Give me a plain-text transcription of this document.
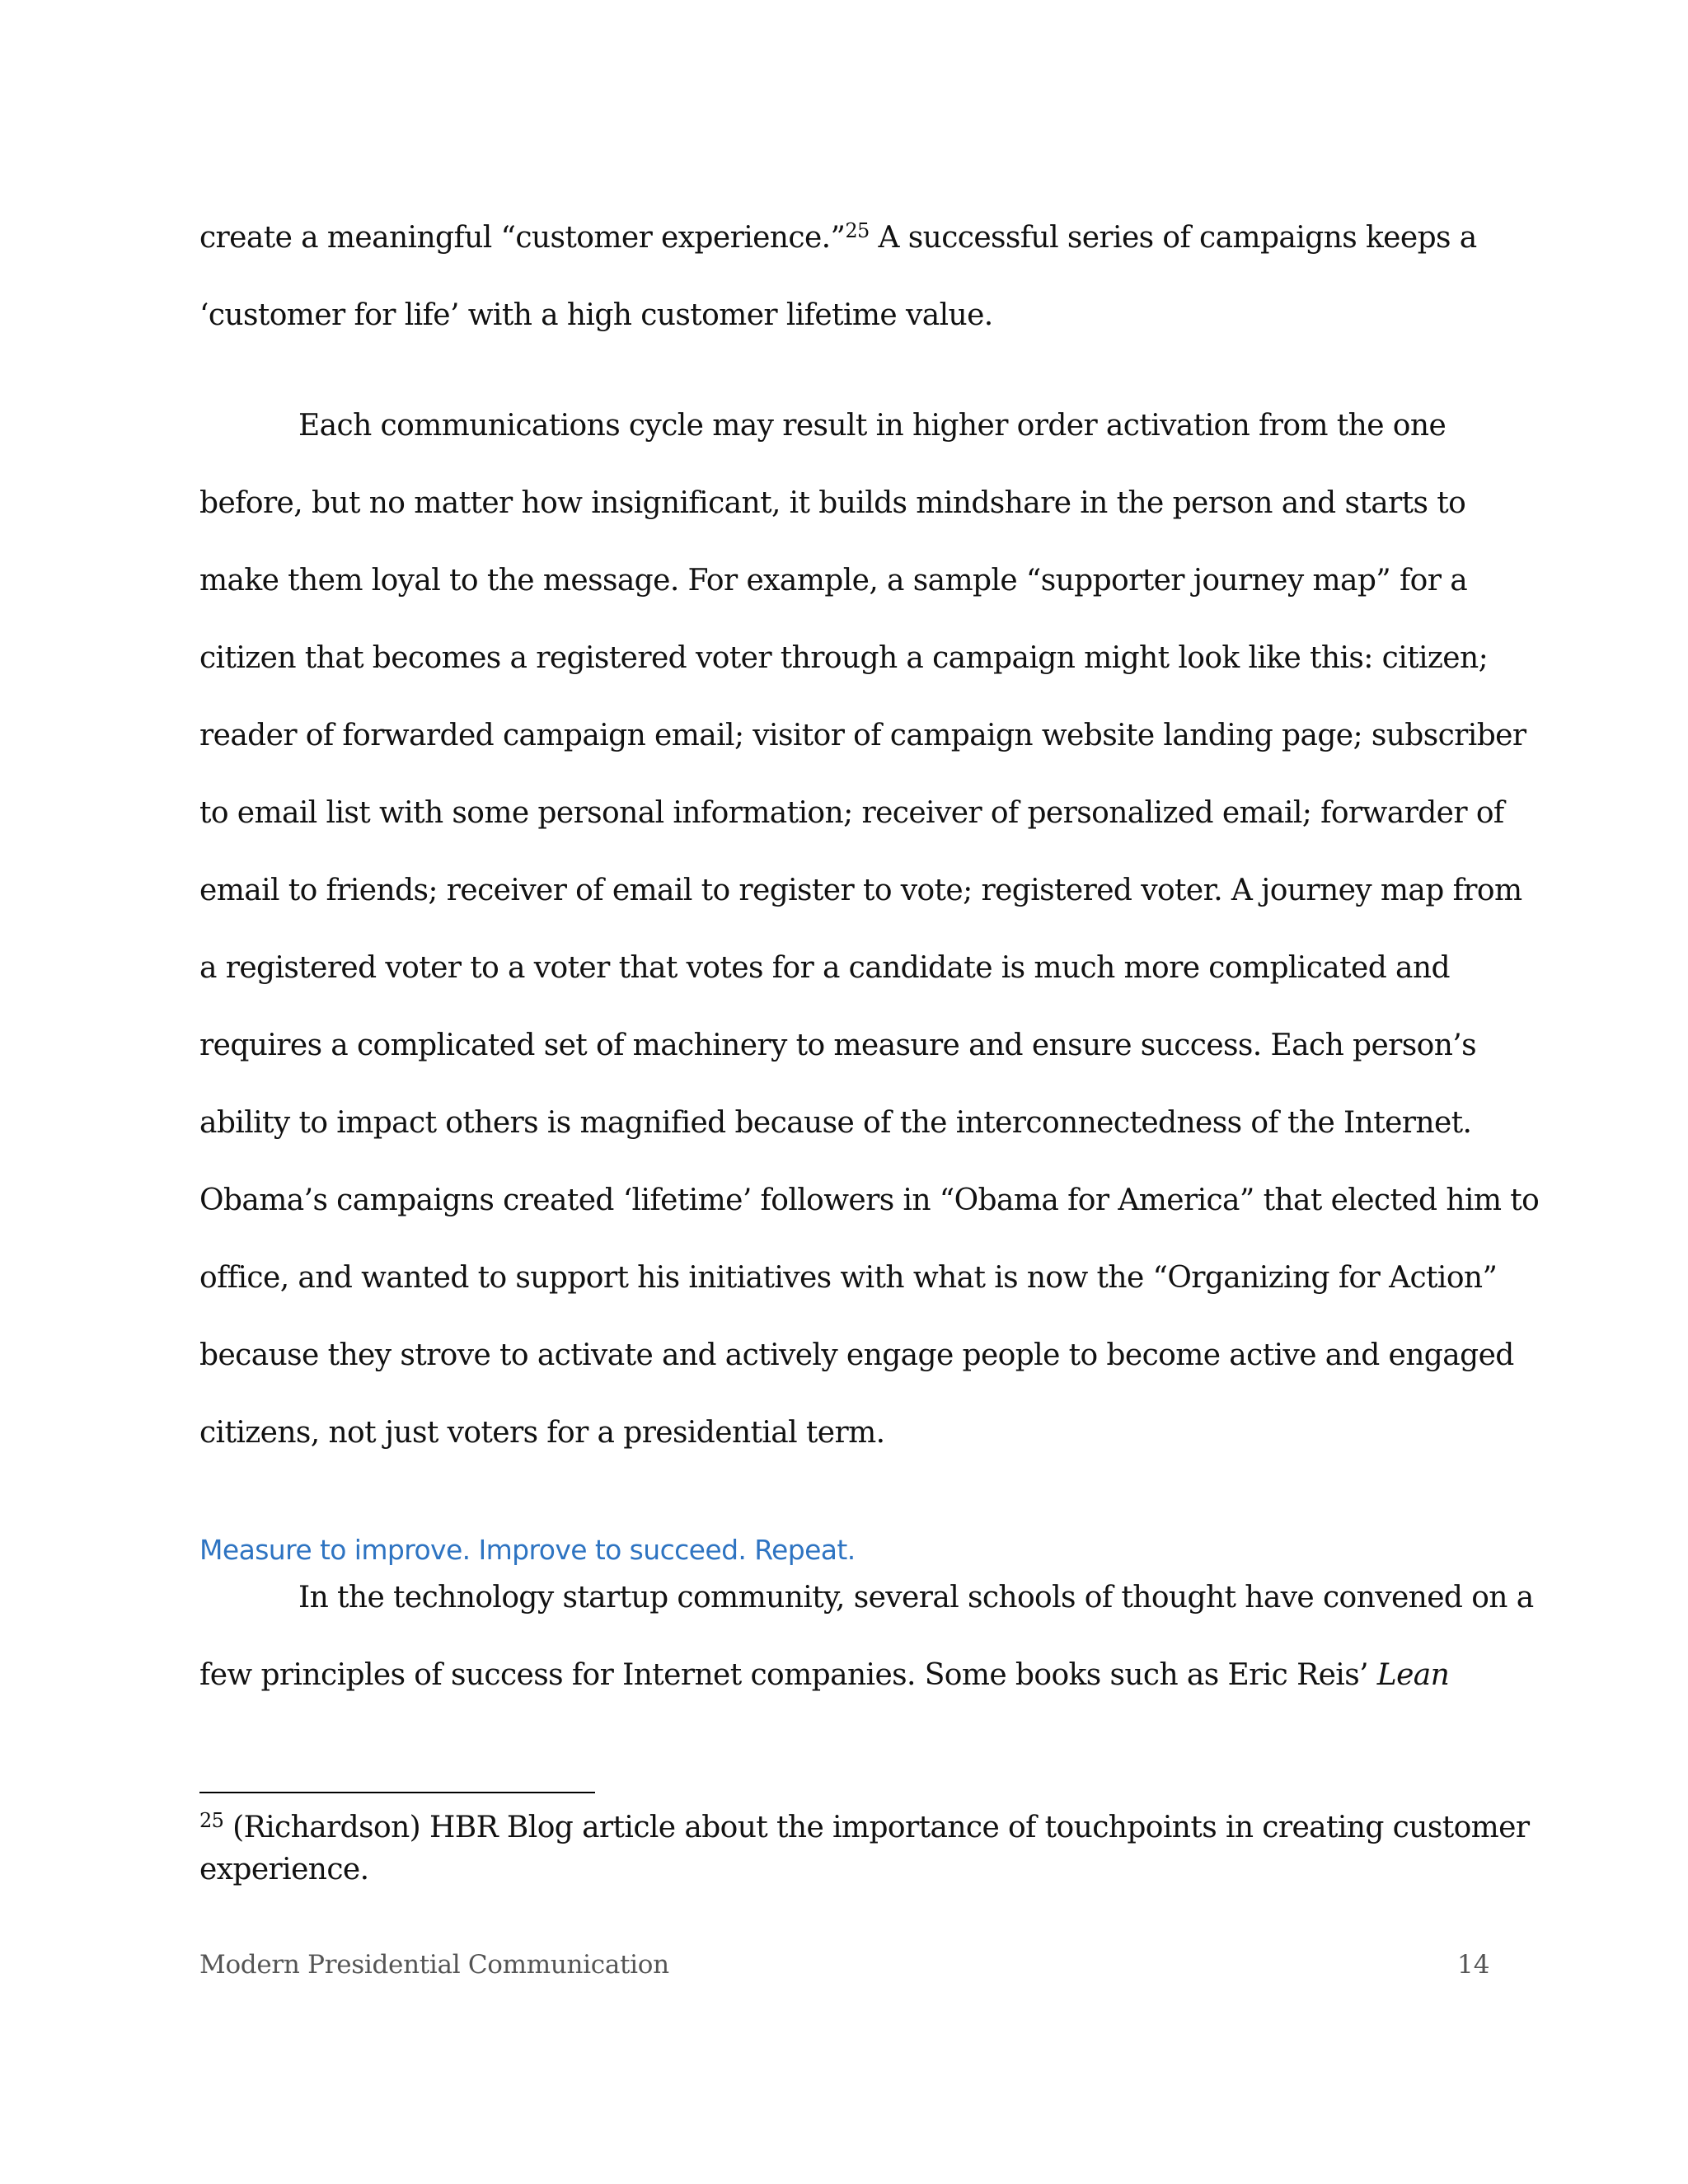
create a meaningful “customer experience.”$^{25}$ A successful series of campaigns keeps a
‘customer for life’ with a high customer lifetime value.
Each communications cycle may result in higher order activation from the one
before, but no matter how insignificant, it builds mindshare in the person and starts to
make them loyal to the message. For example, a sample “supporter journey map” for a
citizen that becomes a registered voter through a campaign might look like this: citizen;
reader of forwarded campaign email; visitor of campaign website landing page; subscriber
to email list with some personal information; receiver of personalized email; forwarder of
email to friends; receiver of email to register to vote; registered voter. A journey map from
a registered voter to a voter that votes for a candidate is much more complicated and
requires a complicated set of machinery to measure and ensure success. Each person’s
ability to impact others is magnified because of the interconnectedness of the Internet.
Obama’s campaigns created ‘lifetime’ followers in “Obama for America” that elected him to
office, and wanted to support his initiatives with what is now the “Organizing for Action”
because they strove to activate and actively engage people to become active and engaged
citizens, not just voters for a presidential term.
Measure to improve. Improve to succeed. Repeat.
In the technology startup community, several schools of thought have convened on a
few principles of success for Internet companies. Some books such as Eric Reis’ Lean
$^{25}$ (Richardson) HBR Blog article about the importance of touchpoints in creating customer
experience.
Modern Presidential Communication	14
